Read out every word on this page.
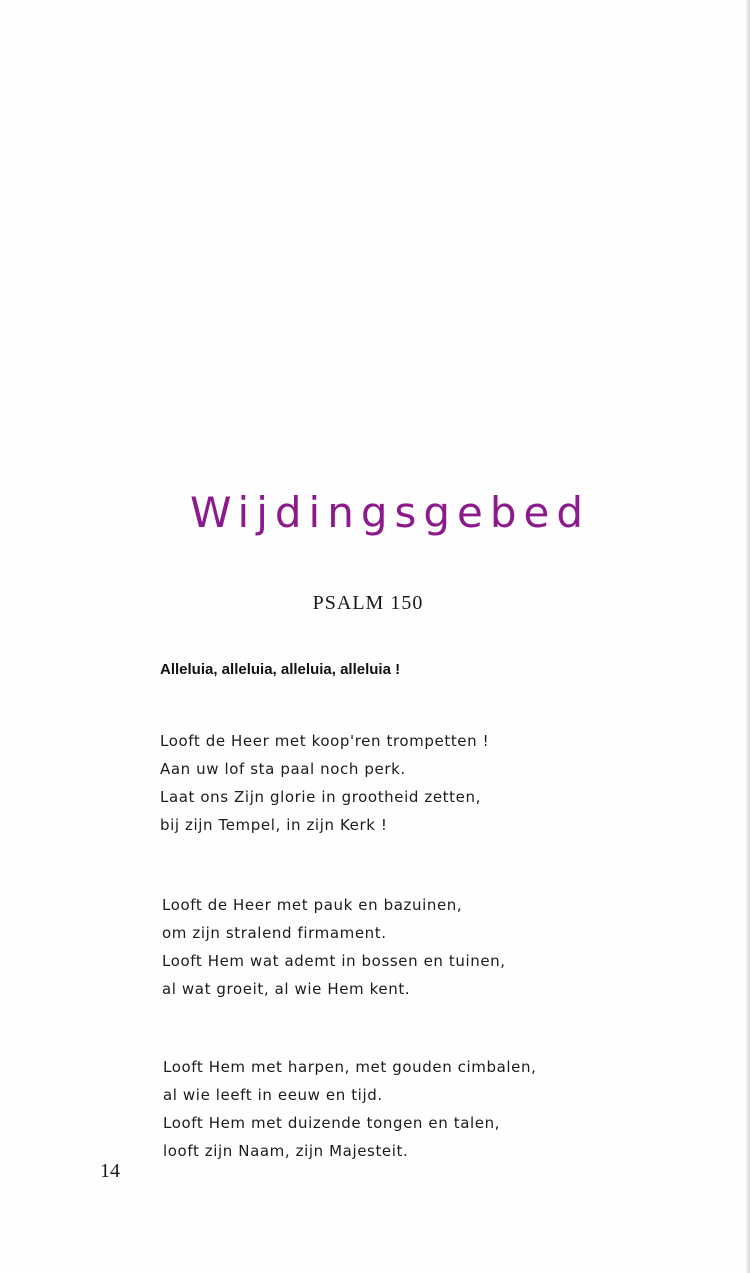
Wijdingsgebed
PSALM 150
Alleluia, alleluia, alleluia, alleluia !
Looft de Heer met koop'ren trompetten !
Aan uw lof sta paal noch perk.
Laat ons Zijn glorie in grootheid zetten,
bij zijn Tempel, in zijn Kerk !
Looft de Heer met pauk en bazuinen,
om zijn stralend firmament.
Looft Hem wat ademt in bossen en tuinen,
al wat groeit, al wie Hem kent.
Looft Hem met harpen, met gouden cimbalen,
al wie leeft in eeuw en tijd.
Looft Hem met duizende tongen en talen,
looft zijn Naam, zijn Majesteit.
14
